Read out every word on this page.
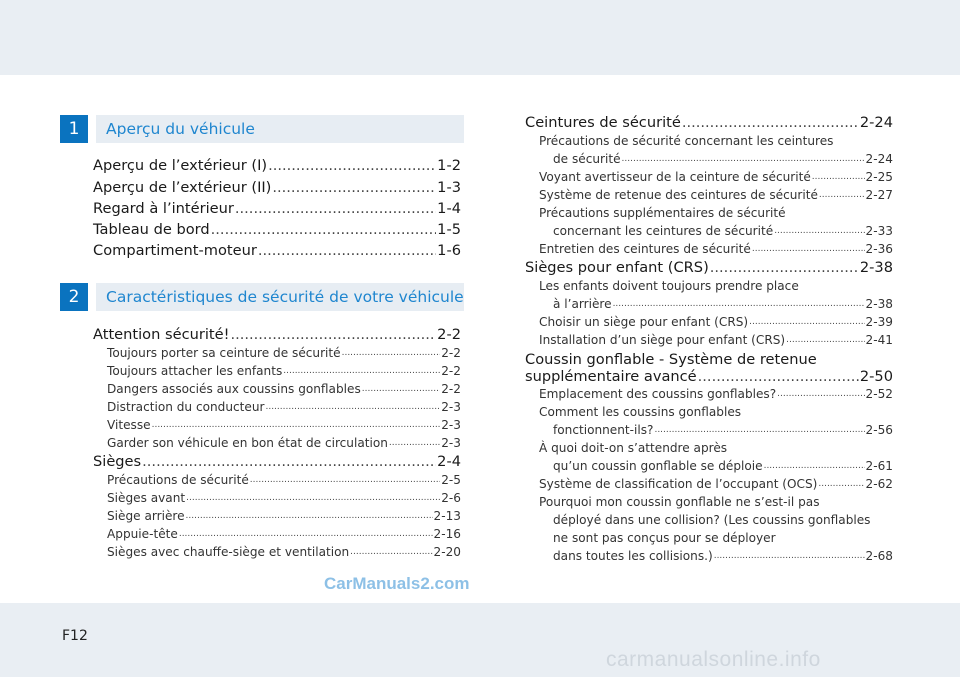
1	Aperçu du véhicule
Aperçu de l’extérieur (I) .....	1-2
Aperçu de l’extérieur (II) .....	1-3
Regard à l’intérieur .....	1-4
Tableau de bord .....	1-5
Compartiment-moteur .....	1-6
2	Caractéristiques de sécurité de votre véhicule
Attention sécurité! .....	2-2
Toujours porter sa ceinture de sécurité .....	2-2
Toujours attacher les enfants .....	2-2
Dangers associés aux coussins gonflables .....	2-2
Distraction du conducteur .....	2-3
Vitesse .....	2-3
Garder son véhicule en bon état de circulation .....	2-3
Sièges .....	2-4
Précautions de sécurité .....	2-5
Sièges avant .....	2-6
Siège arrière .....	2-13
Appuie-tête .....	2-16
Sièges avec chauffe-siège et ventilation .....	2-20
Ceintures de sécurité .....	2-24
Précautions de sécurité concernant les ceintures
de sécurité .....	2-24
Voyant avertisseur de la ceinture de sécurité .....	2-25
Système de retenue des ceintures de sécurité .....	2-27
Précautions supplémentaires de sécurité
concernant les ceintures de sécurité .....	2-33
Entretien des ceintures de sécurité .....	2-36
Sièges pour enfant (CRS) .....	2-38
Les enfants doivent toujours prendre place
à l’arrière .....	2-38
Choisir un siège pour enfant (CRS) .....	2-39
Installation d’un siège pour enfant (CRS) .....	2-41
Coussin gonflable - Système de retenue
supplémentaire avancé .....	2-50
Emplacement des coussins gonflables? .....	2-52
Comment les coussins gonflables
fonctionnent-ils? .....	2-56
À quoi doit-on s’attendre après
qu’un coussin gonflable se déploie .....	2-61
Système de classification de l’occupant (OCS) .....	2-62
Pourquoi mon coussin gonflable ne s’est-il pas
déployé dans une collision? (Les coussins gonflables
ne sont pas conçus pour se déployer
dans toutes les collisions.) .....	2-68
CarManuals2.com
F12
carmanualsonline.info
